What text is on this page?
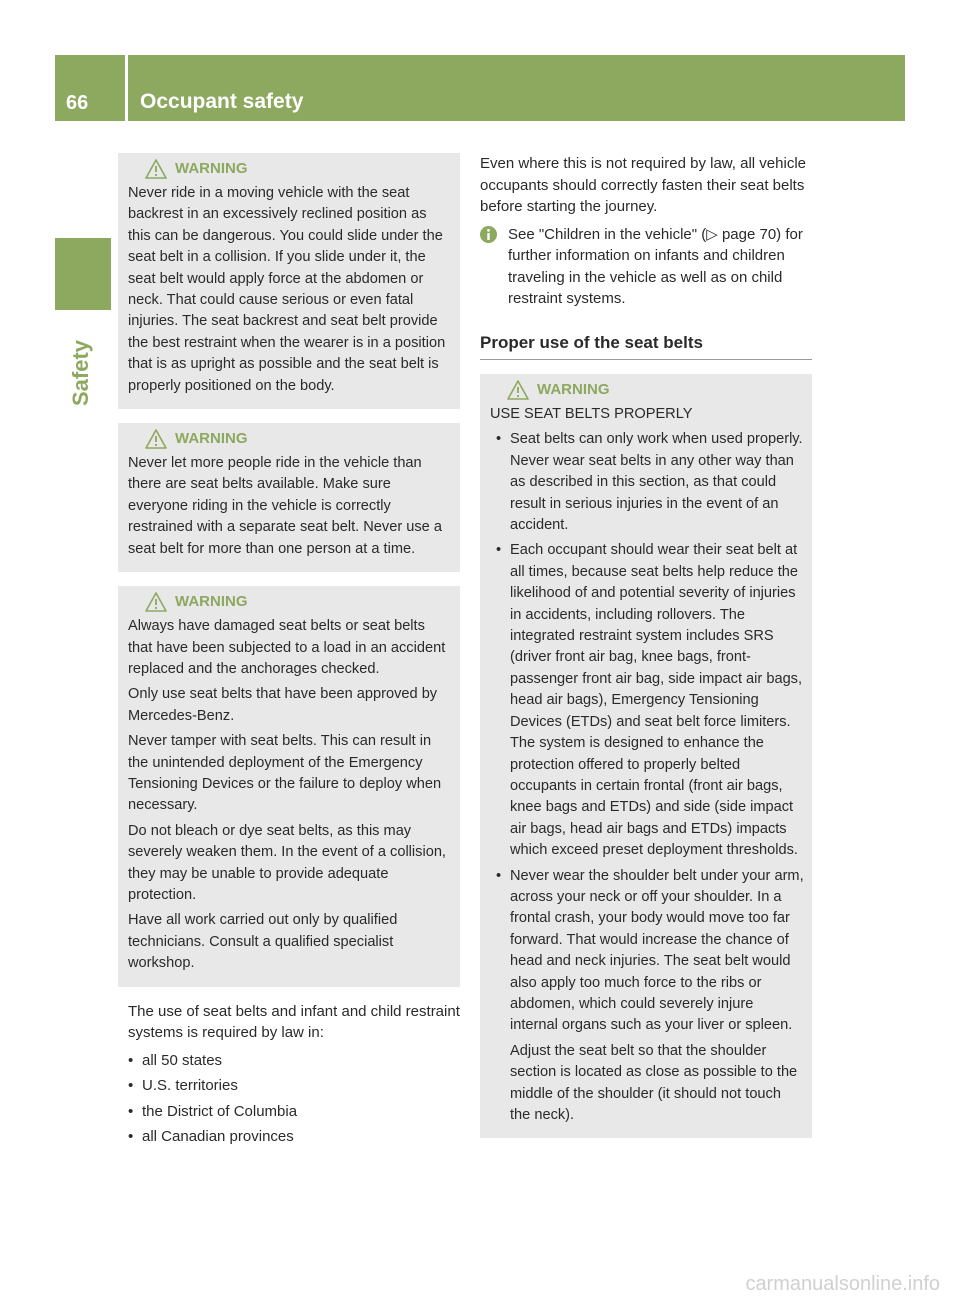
66 Occupant safety
Safety
WARNING

Never ride in a moving vehicle with the seat backrest in an excessively reclined position as this can be dangerous. You could slide under the seat belt in a collision. If you slide under it, the seat belt would apply force at the abdomen or neck. That could cause serious or even fatal injuries. The seat backrest and seat belt provide the best restraint when the wearer is in a position that is as upright as possible and the seat belt is properly positioned on the body.

WARNING

Never let more people ride in the vehicle than there are seat belts available. Make sure everyone riding in the vehicle is correctly restrained with a separate seat belt. Never use a seat belt for more than one person at a time.

WARNING

Always have damaged seat belts or seat belts that have been subjected to a load in an accident replaced and the anchorages checked.

Only use seat belts that have been approved by Mercedes-Benz.

Never tamper with seat belts. This can result in the unintended deployment of the Emergency Tensioning Devices or the failure to deploy when necessary.

Do not bleach or dye seat belts, as this may severely weaken them. In the event of a collision, they may be unable to provide adequate protection.

Have all work carried out only by qualified technicians. Consult a qualified specialist workshop.

The use of seat belts and infant and child restraint systems is required by law in:

• all 50 states
• U.S. territories
• the District of Columbia
• all Canadian provinces

Even where this is not required by law, all vehicle occupants should correctly fasten their seat belts before starting the journey.

See "Children in the vehicle" (▷ page 70) for further information on infants and children traveling in the vehicle as well as on child restraint systems.
Proper use of the seat belts
WARNING

USE SEAT BELTS PROPERLY

• Seat belts can only work when used properly. Never wear seat belts in any other way than as described in this section, as that could result in serious injuries in the event of an accident.
• Each occupant should wear their seat belt at all times, because seat belts help reduce the likelihood of and potential severity of injuries in accidents, including rollovers. The integrated restraint system includes SRS (driver front air bag, knee bags, front-passenger front air bag, side impact air bags, head air bags), Emergency Tensioning Devices (ETDs) and seat belt force limiters. The system is designed to enhance the protection offered to properly belted occupants in certain frontal (front air bags, knee bags and ETDs) and side (side impact air bags, head air bags and ETDs) impacts which exceed preset deployment thresholds.
• Never wear the shoulder belt under your arm, across your neck or off your shoulder. In a frontal crash, your body would move too far forward. That would increase the chance of head and neck injuries. The seat belt would also apply too much force to the ribs or abdomen, which could severely injure internal organs such as your liver or spleen.

Adjust the seat belt so that the shoulder section is located as close as possible to the middle of the shoulder (it should not touch the neck).

carmanualsonline.info
